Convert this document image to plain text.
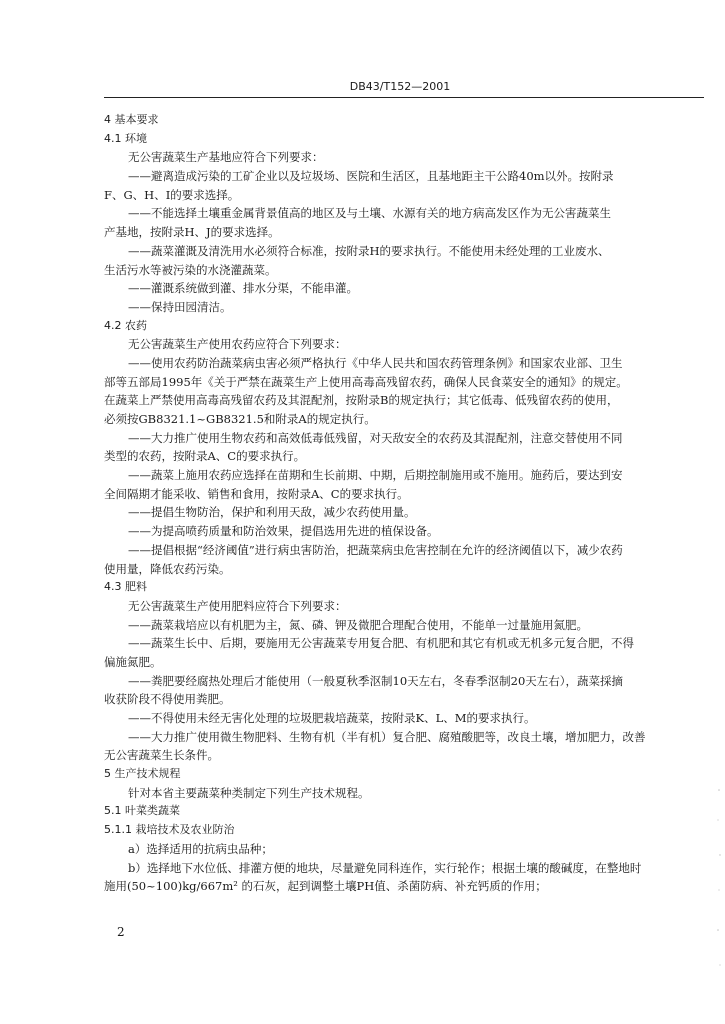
DB43/T152—2001
4 基本要求
4.1 环境
无公害蔬菜生产基地应符合下列要求：
——避离造成污染的工矿企业以及垃圾场、医院和生活区，且基地距主干公路40m以外。按附录
F、G、H、I的要求选择。
——不能选择土壤重金属背景值高的地区及与土壤、水源有关的地方病高发区作为无公害蔬菜生
产基地，按附录H、J的要求选择。
——蔬菜灌溉及清洗用水必须符合标准，按附录H的要求执行。不能使用未经处理的工业废水、
生活污水等被污染的水浇灌蔬菜。
——灌溉系统做到灌、排水分渠，不能串灌。
——保持田园清洁。
4.2 农药
无公害蔬菜生产使用农药应符合下列要求：
——使用农药防治蔬菜病虫害必须严格执行《中华人民共和国农药管理条例》和国家农业部、卫生
部等五部局1995年《关于严禁在蔬菜生产上使用高毒高残留农药，确保人民食菜安全的通知》的规定。
在蔬菜上严禁使用高毒高残留农药及其混配剂，按附录B的规定执行；其它低毒、低残留农药的使用，
必须按GB8321.1~GB8321.5和附录A的规定执行。
——大力推广使用生物农药和高效低毒低残留，对天敌安全的农药及其混配剂，注意交替使用不同
类型的农药，按附录A、C的要求执行。
——蔬菜上施用农药应选择在苗期和生长前期、中期，后期控制施用或不施用。施药后，要达到安
全间隔期才能采收、销售和食用，按附录A、C的要求执行。
——提倡生物防治，保护和利用天敌，减少农药使用量。
——为提高喷药质量和防治效果，提倡选用先进的植保设备。
——提倡根据“经济阈值”进行病虫害防治，把蔬菜病虫危害控制在允许的经济阈值以下，减少农药
使用量，降低农药污染。
4.3 肥料
无公害蔬菜生产使用肥料应符合下列要求：
——蔬菜栽培应以有机肥为主，氮、磷、钾及微肥合理配合使用，不能单一过量施用氮肥。
——蔬菜生长中、后期，要施用无公害蔬菜专用复合肥、有机肥和其它有机或无机多元复合肥，不得
偏施氮肥。
——粪肥要经腐热处理后才能使用（一般夏秋季沤制10天左右，冬春季沤制20天左右），蔬菜採摘
收获阶段不得使用粪肥。
——不得使用未经无害化处理的垃圾肥栽培蔬菜，按附录K、L、M的要求执行。
——大力推广使用微生物肥料、生物有机（半有机）复合肥、腐殖酸肥等，改良土壤，增加肥力，改善
无公害蔬菜生长条件。
5 生产技术规程
针对本省主要蔬菜种类制定下列生产技术规程。
5.1 叶菜类蔬菜
5.1.1 栽培技术及农业防治
a）选择适用的抗病虫品种；
b）选择地下水位低、排灌方便的地块，尽量避免同科连作，实行轮作；根据土壤的酸碱度，在整地时
施用(50~100)kg/667m² 的石灰，起到调整土壤PH值、杀菌防病、补充钙质的作用；
2
